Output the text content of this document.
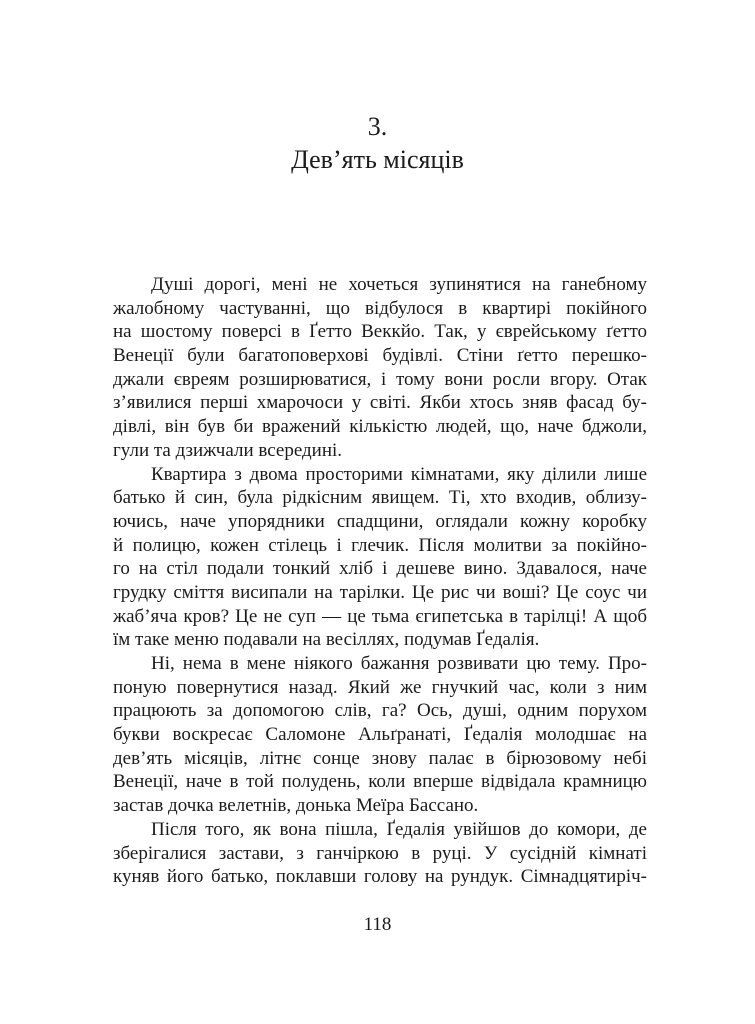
3.
Дев’ять місяців

Душі дорогі, мені не хочеться зупинятися на ганебному
жалобному частуванні, що відбулося в квартирі покійного
на шостому поверсі в Ґетто Веккйо. Так, у єврейському ґетто
Венеції були багатоповерхові будівлі. Стіни ґетто перешко-
джали євреям розширюватися, і тому вони росли вгору. Отак
з’явилися перші хмарочоси у світі. Якби хтось зняв фасад бу-
дівлі, він був би вражений кількістю людей, що, наче бджоли,
гули та дзижчали всередині.

Квартира з двома просторими кімнатами, яку ділили лише
батько й син, була рідкісним явищем. Ті, хто входив, облизу-
ючись, наче упорядники спадщини, оглядали кожну коробку
й полицю, кожен стілець і глечик. Після молитви за покійно-
го на стіл подали тонкий хліб і дешеве вино. Здавалося, наче
грудку сміття висипали на тарілки. Це рис чи воші? Це соус чи
жаб’яча кров? Це не суп — це тьма єгипетська в тарілці! А щоб
їм таке меню подавали на весіллях, подумав Ґедалія.

Ні, нема в мене ніякого бажання розвивати цю тему. Про-
поную повернутися назад. Який же гнучкий час, коли з ним
працюють за допомогою слів, га? Ось, душі, одним порухом
букви воскресає Саломоне Альґранаті, Ґедалія молодшає на
дев’ять місяців, літнє сонце знову палає в бірюзовому небі
Венеції, наче в той полудень, коли вперше відвідала крамницю
застав дочка велетнів, донька Меїра Бассано.

Після того, як вона пішла, Ґедалія увійшов до комори, де
зберігалися застави, з ганчіркою в руці. У сусідній кімнаті
куняв його батько, поклавши голову на рундук. Сімнадцятиріч-

118
